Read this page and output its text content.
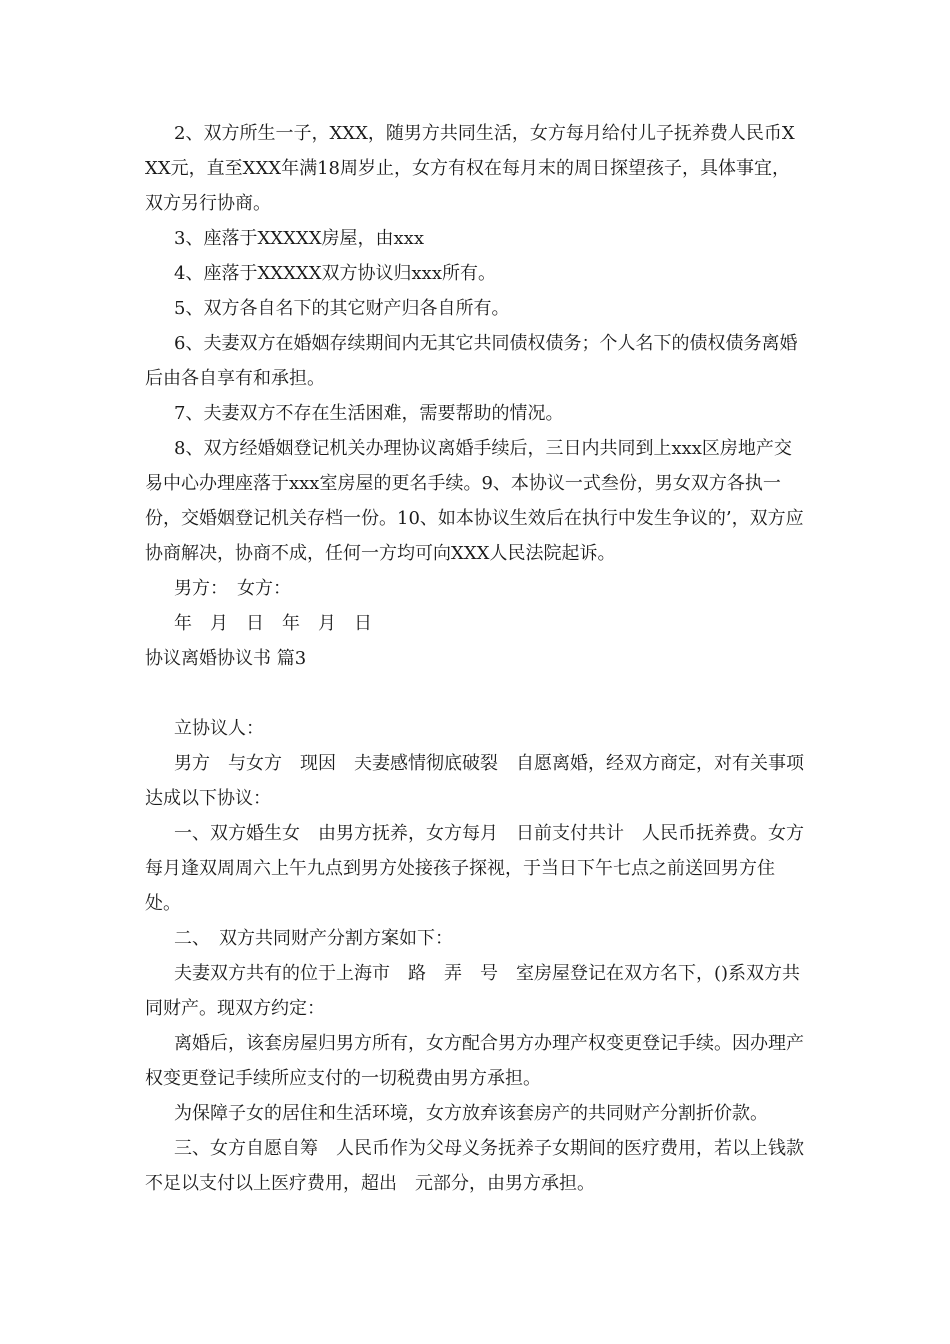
2、双方所生一子，XXX，随男方共同生活，女方每月给付儿子抚养费人民币XXX元，直至XXX年满18周岁止，女方有权在每月末的周日探望孩子，具体事宜，双方另行协商。

3、座落于XXXXX房屋，由xxx

4、座落于XXXXX双方协议归xxx所有。

5、双方各自名下的其它财产归各自所有。

6、夫妻双方在婚姻存续期间内无其它共同债权债务；个人名下的债权债务离婚后由各自享有和承担。

7、夫妻双方不存在生活困难，需要帮助的情况。

8、双方经婚姻登记机关办理协议离婚手续后，三日内共同到上xxx区房地产交易中心办理座落于xxx室房屋的更名手续。9、本协议一式叁份，男女双方各执一份，交婚姻登记机关存档一份。10、如本协议生效后在执行中发生争议的’，双方应协商解决，协商不成，任何一方均可向XXX人民法院起诉。

男方：　女方：

年　月　日　年　月　日

协议离婚协议书 篇3

立协议人：

男方　与女方　现因　夫妻感情彻底破裂　自愿离婚，经双方商定，对有关事项达成以下协议：

一、双方婚生女　由男方抚养，女方每月　日前支付共计　人民币抚养费。女方每月逢双周周六上午九点到男方处接孩子探视，于当日下午七点之前送回男方住处。

二、　双方共同财产分割方案如下：

夫妻双方共有的位于上海市　路　弄　号　室房屋登记在双方名下，()系双方共同财产。现双方约定：

离婚后，该套房屋归男方所有，女方配合男方办理产权变更登记手续。因办理产权变更登记手续所应支付的一切税费由男方承担。

为保障子女的居住和生活环境，女方放弃该套房产的共同财产分割折价款。

三、女方自愿自筹　人民币作为父母义务抚养子女期间的医疗费用，若以上钱款不足以支付以上医疗费用，超出　元部分，由男方承担。
